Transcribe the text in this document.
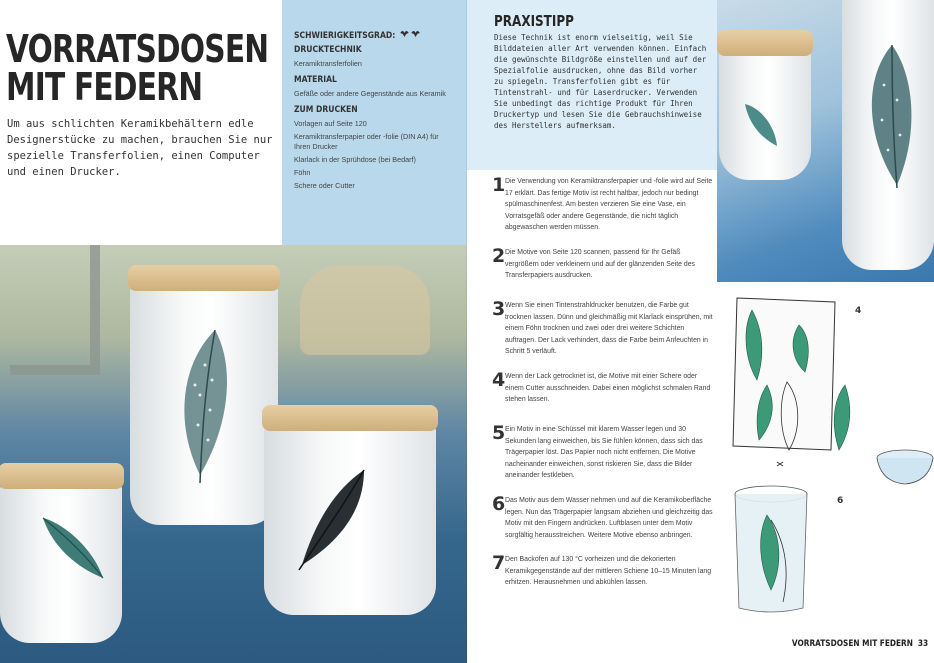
VORRATSDOSEN
MIT FEDERN

Um aus schlichten Keramikbehältern edle Designerstücke zu machen, brauchen Sie nur spezielle Transferfolien, einen Computer und einen Drucker.

SCHWIERIGKEITSGRAD:
DRUCKTECHNIK
Keramiktransferfolien
MATERIAL
Gefäße oder andere Gegenstände aus Keramik
ZUM DRUCKEN
Vorlagen auf Seite 120
Keramiktransferpapier oder -folie (DIN A4) für Ihren Drucker
Klarlack in der Sprühdose (bei Bedarf)
Föhn
Schere oder Cutter
PRAXISTIPP

Diese Technik ist enorm vielseitig, weil Sie Bilddateien aller Art verwenden können. Einfach die gewünschte Bildgröße einstellen und auf der Spezialfolie ausdrucken, ohne das Bild vorher zu spiegeln. Transferfolien gibt es für Tintenstrahl- und für Laserdrucker. Verwenden Sie unbedingt das richtige Produkt für Ihren Druckertyp und lesen Sie die Gebrauchshinweise des Herstellers aufmerksam.

1 Die Verwendung von Keramiktransferpapier und -folie wird auf Seite 17 erklärt. Das fertige Motiv ist recht haltbar, jedoch nur bedingt spülmaschinenfest. Am besten verzieren Sie eine Vase, ein Vorratsgefäß oder andere Gegenstände, die nicht täglich abgewaschen werden müssen.

2 Die Motive von Seite 120 scannen, passend für Ihr Gefäß vergrößern oder verkleinern und auf der glänzenden Seite des Transferpapiers ausdrucken.

3 Wenn Sie einen Tintenstrahldrucker benutzen, die Farbe gut trocknen lassen. Dünn und gleichmäßig mit Klarlack einsprühen, mit einem Föhn trocknen und zwei oder drei weitere Schichten auftragen. Der Lack verhindert, dass die Farbe beim Anfeuchten in Schritt 5 verläuft.

4 Wenn der Lack getrocknet ist, die Motive mit einer Schere oder einem Cutter ausschneiden. Dabei einen möglichst schmalen Rand stehen lassen.

5 Ein Motiv in eine Schüssel mit klarem Wasser legen und 30 Sekunden lang einweichen, bis Sie fühlen können, dass sich das Trägerpapier löst. Das Papier noch nicht entfernen. Die Motive nacheinander einweichen, sonst riskieren Sie, dass die Bilder aneinander festkleben.

6 Das Motiv aus dem Wasser nehmen und auf die Keramikoberfläche legen. Nun das Trägerpapier langsam abziehen und gleichzeitig das Motiv mit den Fingern andrücken. Luftblasen unter dem Motiv sorgfältig herausstreichen. Weitere Motive ebenso anbringen.

7 Den Backofen auf 130 °C vorheizen und die dekorierten Keramikgegenstände auf der mittleren Schiene 10–15 Minuten lang erhitzen. Herausnehmen und abkühlen lassen.

4
6
VORRATSDOSEN MIT FEDERN 33
